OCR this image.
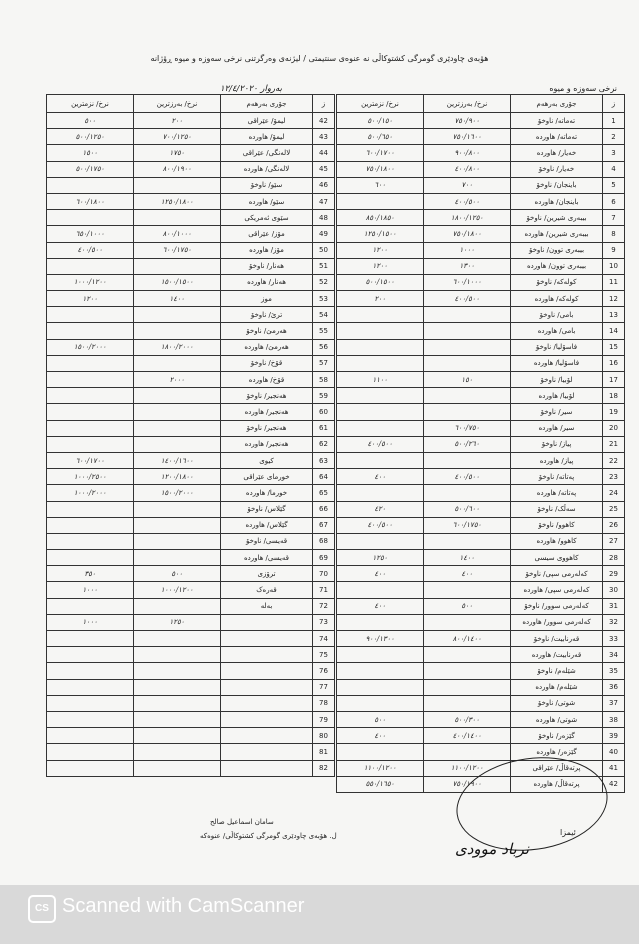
هۆبەی چاودێری گومرگی کشتوکاڵی نه عنوەی سنتیمتی / لیژنەی وەرگرتنی نرخی سەوزە و میوە ڕۆژانە
نرخی سەوزە و میوە
بەروار ١٢/٤/٢٠٢٠
ز	جۆری بەرهەم	نرخ/ بەرزترین	نرخ/ نزمترین
1	تەماتە/ ناوخۆ	٧٥٠/٩٠٠	٥٠٠/١٥٠
2	تەماتە/ هاوردە	٧٥٠/١٦٠٠	٥٠٠/٦٥٠
3	خەیار/ هاوردە	٩٠٠/٨٠٠	٦٠٠/١٧٠٠
4	خەیار/ ناوخۆ	٤٠٠/٨٠٠	٧٥٠/١٨٠٠
5	باینجان/ ناوخۆ	٧٠٠	٦٠٠
6	باینجان/ هاوردە	٤٠٠/٥٠٠	
7	بیبەری شیرین/ ناوخۆ	١٨٠٠/١٢٥٠	٨٥٠/١٨٥٠
8	بیبەری شیرین/ هاوردە	٧٥٠/١٨٠٠	١٢٥٠/١٥٠٠
9	بیبەری توون/ ناوخۆ	١٠٠٠	١٢٠٠
10	بیبەری توون/ هاوردە	١٣٠٠	١٢٠٠
11	کولەکە/ ناوخۆ	٦٠٠/١٠٠٠	٥٠٠/١٥٠٠
12	کولەکە/ هاوردە	٤٠٠/٥٠٠	٢٠٠
13	بامی/ ناوخۆ		
14	بامی/ هاوردە		
15	فاسۆلیا/ ناوخۆ		
16	فاسۆلیا/ هاوردە		
17	لۆبیا/ ناوخۆ	١٥٠	١١٠٠
18	لۆبیا/ هاوردە		
19	سیر/ ناوخۆ		
20	سیر/ هاوردە	٦٠٠/٧٥٠	
21	پیاز/ ناوخۆ	٥٠٠/٢٦٠	٤٠٠/٥٠٠
22	پیاز/ هاوردە		
23	پەتاتە/ ناوخۆ	٤٠٠/٥٠٠	٤٠٠
24	پەتاتە/ هاوردە		
25	سەڵک/ ناوخۆ	٥٠٠/٦٠٠	٤٢٠
26	کاهوو/ ناوخۆ	٦٠٠/١٧٥٠	٤٠٠/٥٠٠
27	کاهوو/ هاوردە		
28	کاهووی سیسی	١٤٠٠	١٢٥٠
29	کەلەرمی سپی/ ناوخۆ	٤٠٠	٤٠٠
30	کەلەرمی سپی/ هاوردە		
31	کەلەرمی سوور/ ناوخۆ	٥٠٠	٤٠٠
32	کەلەرمی سوور/ هاوردە		
33	قەرنابیت/ ناوخۆ	٨٠٠/١٤٠٠	٩٠٠/١٣٠٠
34	قەرنابیت/ هاوردە		
35	شێلەم/ ناوخۆ		
36	شێلەم/ هاوردە		
37	شوتی/ ناوخۆ		
38	شوتی/ هاوردە	٥٠٠/٣٠٠	٥٠٠
39	گێزەر/ ناوخۆ	٤٠٠/١٤٠٠	٤٠٠
40	گێزەر/ هاوردە		
41	پرتەقاڵ/ عێراقی	١١٠٠/١٢٠٠	١١٠٠/١٢٠٠
42	پرتەقاڵ/ هاوردە	٧٥٠/١٩٠٠	٥٥٠/١٦٥٠
ز	جۆری بەرهەم	نرخ/ بەرزترین	نرخ/ نزمترین
42	لیمۆ/ عێراقی	٢٠٠	٥٠٠
43	لیمۆ/ هاوردە	٧٠٠/١٢٥٠	٥٠٠/١٢٥٠
44	لالەنگی/ عێراقی	١٧٥٠	١٥٠٠
45	لالەنگی/ هاوردە	٨٠٠/١٩٠٠	٥٠٠/١٧٥٠
46	سێو/ ناوخۆ		
47	سێو/ هاوردە	١٢٥٠/١٨٠٠	٦٠٠/١٨٠٠
48	سێوی ئەمریکی		
49	مۆز/ عێراقی	٨٠٠/١٠٠٠	٦٥٠/١٠٠٠
50	مۆز/ هاوردە	٦٠٠/١٧٥٠	٤٠٠/٥٠٠
51	هەنار/ ناوخۆ		
52	هەنار/ هاوردە	١٥٠٠/١٥٠٠	١٠٠٠/١٢٠٠
53	موز	١٤٠٠	١٢٠٠
54	ترێ/ ناوخۆ		
55	هەرمێ/ ناوخۆ		
56	هەرمێ/ هاوردە	١٨٠٠/٢٠٠٠	١٥٠٠/٢٠٠٠
57	قۆخ/ ناوخۆ		
58	قۆخ/ هاوردە	٢٠٠٠	
59	هەنجیر/ ناوخۆ		
60	هەنجیر/ هاوردە		
61	هەنجیر/ ناوخۆ		
62	هەنجیر/ هاوردە		
63	کیوی	١٤٠٠/١٦٠٠	٦٠٠/١٧٠٠
64	خورمای عێراقی	١٢٠٠/١٨٠٠	١٠٠٠/٢٥٠٠
65	خورما/ هاوردە	١٥٠٠/٢٠٠٠	١٠٠٠/٢٠٠٠
66	گێلاس/ ناوخۆ		
67	گێلاس/ هاوردە		
68	قەیسی/ ناوخۆ		
69	قەیسی/ هاوردە		
70	ترۆزی	٥٠٠	٣٥٠
71	قەرەک	١٠٠٠/١٢٠٠	١٠٠٠
72	بەلە		
73		١٢٥٠	١٠٠٠
74			
75			
76			
77			
78			
79			
80			
81			
82			
سامان اسماعیل صالح
ل. هۆبەی چاودێری گومرگی کشتوکاڵی/ عنوەکه	ئیمزا
نرباد موودی
CS Scanned with CamScanner
